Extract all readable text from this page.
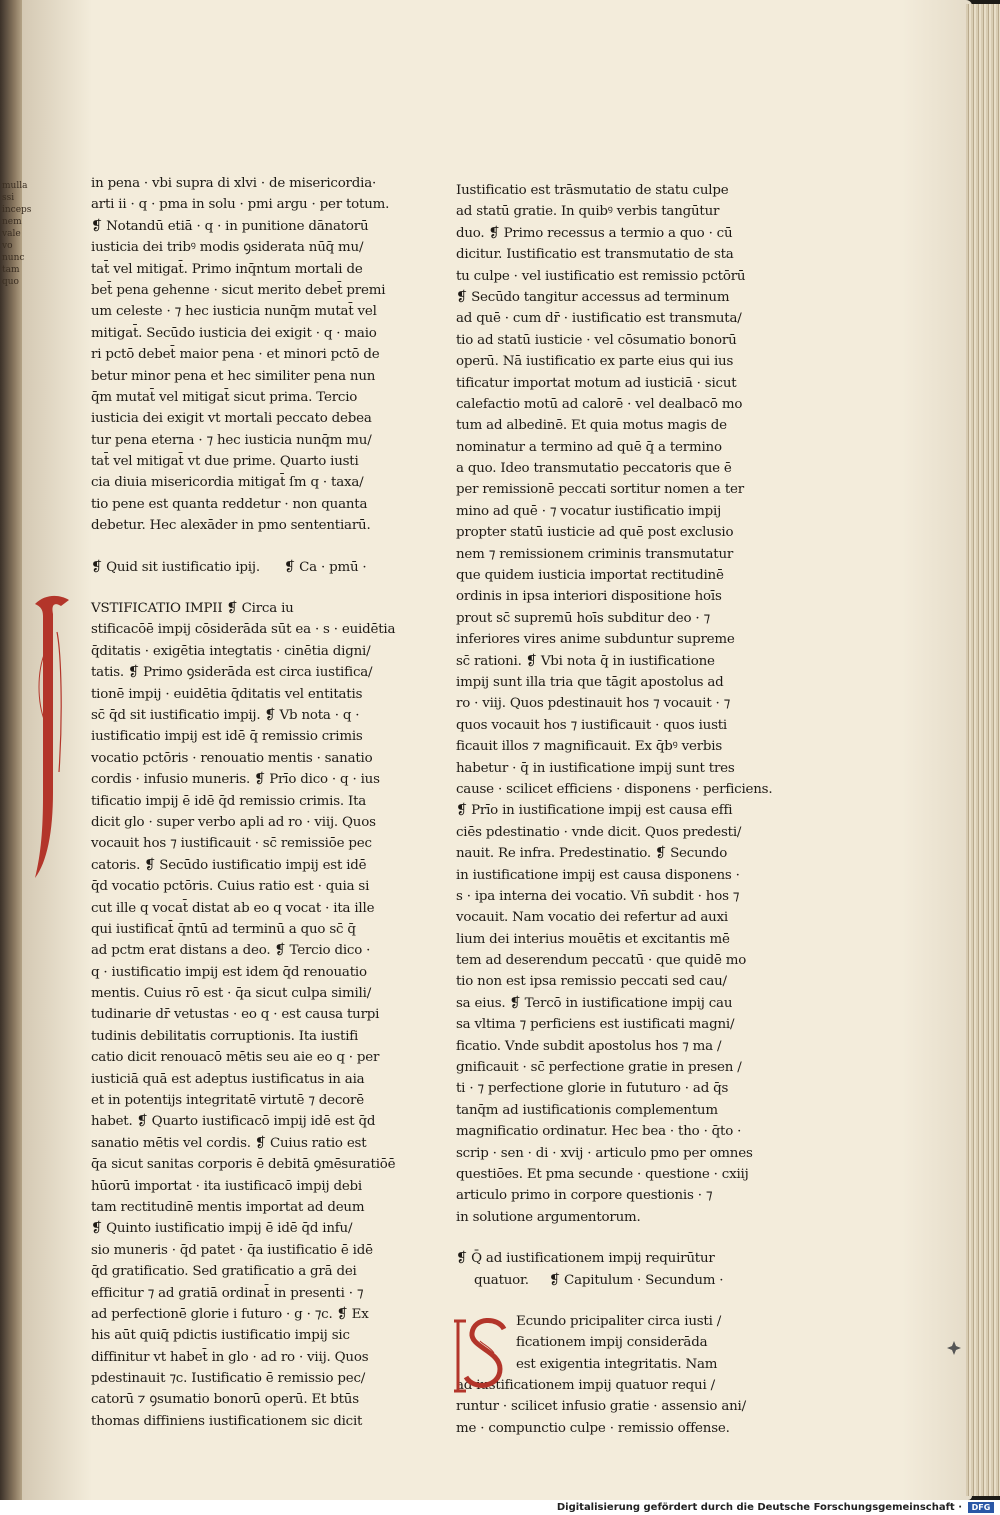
mulla
ssi
inceps
nem
vale
vo
nunc
tam
quo
in pena · vbi supra di xlvi · de misericordia·
arti ii · q · pma in solu · pmi argu · per totum.
❡ Notandū etiā · q · in punitione dānatorū
iusticia dei tribꝰ modis ꝯsiderata nūq̄ mu/
tat̄ vel mitigat̄. Primo inq̄ntum mortali de
bet̄ pena gehenne · sicut merito debet̄ premi
um celeste · ⁊ hec iusticia nunq̄m mutat̄ vel
mitigat̄. Secūdo iusticia dei exigit · q · maio
ri pctō debet̄ maior pena · et minori pctō de
betur minor pena et hec similiter pena nun
q̄m mutat̄ vel mitigat̄ sicut prima. Tercio
iusticia dei exigit vt mortali peccato debea
tur pena eterna · ⁊ hec iusticia nunq̄m mu/
tat̄ vel mitigat̄ vt due prime. Quarto iusti
cia diuia misericordia mitigat̄ ſm q · taxa/
tio pene est quanta reddetur · non quanta
debetur. Hec alexāder in pmo sententiarū.
❡ Quid sit iustificatio ipij. ❡ Ca · pmū ·
VSTIFICATIO IMPII ❡ Circa iu
stificacōē impij cōsiderāda sūt ea · s · euidētia
q̄ditatis · exigētia integtatis · cinētia digni/
tatis. ❡ Primo ꝯsiderāda est circa iustifica/
tionē impij · euidētia q̄ditatis vel entitatis
sc̄ q̄d sit iustificatio impij. ❡ Vb nota · q ·
iustificatio impij est idē q̄ remissio crimis
vocatio pctōris · renouatio mentis · sanatio
cordis · infusio muneris. ❡ Prīo dico · q · ius
tificatio impij ē idē q̄d remissio crimis. Ita
dicit glo · super verbo apli ad ro · viij. Quos
vocauit hos ⁊ iustificauit · sc̄ remissiōe pec
catoris. ❡ Secūdo iustificatio impij est idē
q̄d vocatio pctōris. Cuius ratio est · quia si
cut ille q vocat̄ distat ab eo q vocat · ita ille
qui iustificat̄ q̄ntū ad terminū a quo sc̄ q̄
ad pctm erat distans a deo. ❡ Tercio dico ·
q · iustificatio impij est idem q̄d renouatio
mentis. Cuius rō est · q̄a sicut culpa simili/
tudinarie dr̄ vetustas · eo q · est causa turpi
tudinis debilitatis corruptionis. Ita iustifi
catio dicit renouacō mētis seu aie eo q · per
iusticiā quā est adeptus iustificatus in aia
et in potentijs integritatē virtutē ⁊ decorē
habet. ❡ Quarto iustificacō impij idē est q̄d
sanatio mētis vel cordis. ❡ Cuius ratio est
q̄a sicut sanitas corporis ē debitā ꝯmēsuratiōē
hūorū importat · ita iustificacō impij debi
tam rectitudinē mentis importat ad deum
❡ Quinto iustificatio impij ē idē q̄d infu/
sio muneris · q̄d patet · q̄a iustificatio ē idē
q̄d gratificatio. Sed gratificatio a grā dei
efficitur ⁊ ad gratiā ordinat̄ in presenti · ⁊
ad perfectionē glorie i futuro · g · ⁊c. ❡ Ex
his aūt quiq̄ pdictis iustificatio impij sic
diffinitur vt habet̄ in glo · ad ro · viij. Quos
pdestinauit ⁊c. Iustificatio ē remissio pec/
catorū ⁊ ꝯsumatio bonorū operū. Et btūs
thomas diffiniens iustificationem sic dicit
Iustificatio est trāsmutatio de statu culpe
ad statū gratie. In quibꝰ verbis tangūtur
duo. ❡ Primo recessus a termio a quo · cū
dicitur. Iustificatio est transmutatio de sta
tu culpe · vel iustificatio est remissio pctōrū
❡ Secūdo tangitur accessus ad terminum
ad quē · cum dr̄ · iustificatio est transmuta/
tio ad statū iusticie · vel cōsumatio bonorū
operū. Nā iustificatio ex parte eius qui ius
tificatur importat motum ad iusticiā · sicut
calefactio motū ad calorē · vel dealbacō mo
tum ad albedinē. Et quia motus magis de
nominatur a termino ad quē q̄ a termino
a quo. Ideo transmutatio peccatoris que ē
per remissionē peccati sortitur nomen a ter
mino ad quē · ⁊ vocatur iustificatio impij
propter statū iusticie ad quē post exclusio
nem ⁊ remissionem criminis transmutatur
que quidem iusticia importat rectitudinē
ordinis in ipsa interiori dispositione hoīs
prout sc̄ supremū hoīs subditur deo · ⁊
inferiores vires anime subduntur supreme
sc̄ rationi. ❡ Vbi nota q̄ in iustificatione
impij sunt illa tria que tāgit apostolus ad
ro · viij. Quos pdestinauit hos ⁊ vocauit · ⁊
quos vocauit hos ⁊ iustificauit · quos iusti
ficauit illos ⁊ magnificauit. Ex q̄bꝰ verbis
habetur · q̄ in iustificatione impij sunt tres
cause · scilicet efficiens · disponens · perficiens.
❡ Prīo in iustificatione impij est causa effi
ciēs pdestinatio · vnde dicit. Quos predesti/
nauit. Re infra. Predestinatio. ❡ Secundo
in iustificatione impij est causa disponens ·
s · ipa interna dei vocatio. Vn̄ subdit · hos ⁊
vocauit. Nam vocatio dei refertur ad auxi
lium dei interius mouētis et excitantis mē
tem ad deserendum peccatū · que quidē mo
tio non est ipsa remissio peccati sed cau/
sa eius. ❡ Tercō in iustificatione impij cau
sa vltima ⁊ perficiens est iustificati magni/
ficatio. Vnde subdit apostolus hos ⁊ ma /
gnificauit · sc̄ perfectione gratie in presen /
ti · ⁊ perfectione glorie in fututuro · ad q̄s
tanq̄m ad iustificationis complementum
magnificatio ordinatur. Hec bea · tho · q̄to ·
scrip · sen · di · xvij · articulo pmo per omnes
questiōes. Et pma secunde · questione · cxiij
articulo primo in corpore questionis · ⁊
in solutione argumentorum.
❡ Q̄ ad iustificationem impij requirūtur
quatuor. ❡ Capitulum · Secundum ·
Ecundo pricipaliter circa iusti /
ficationem impij considerāda
est exigentia integritatis. Nam
ad iustificationem impij quatuor requi /
runtur · scilicet infusio gratie · assensio ani/
me · compunctio culpe · remissio offense.
Digitalisierung gefördert durch die Deutsche Forschungsgemeinschaft ·	DFG
